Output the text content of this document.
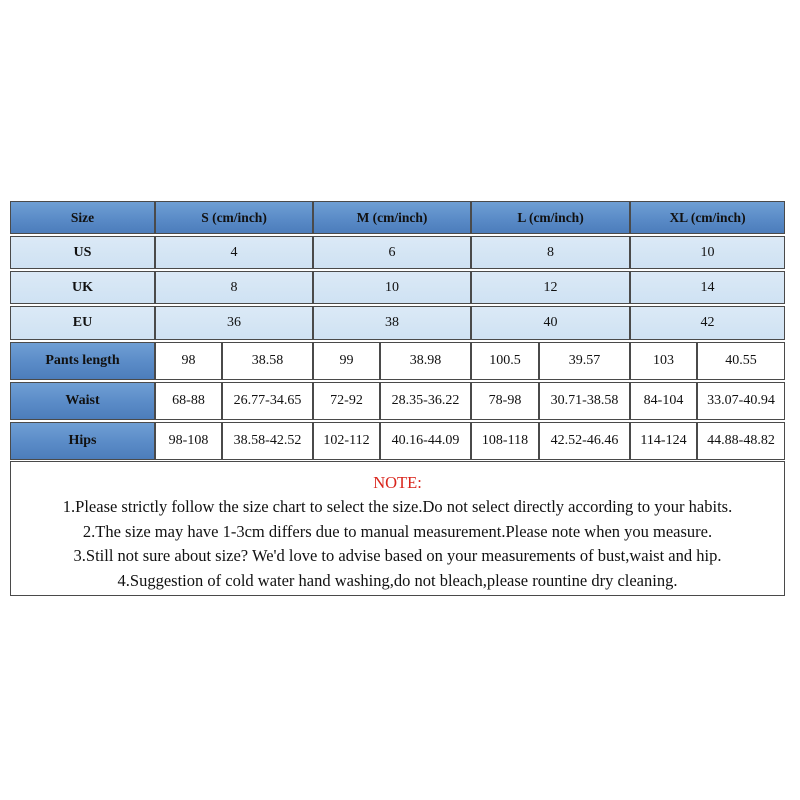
Size	S (cm/inch)	M (cm/inch)	L (cm/inch)	XL (cm/inch)
US	4	6	8	10
UK	8	10	12	14
EU	36	38	40	42
Pants length	98	38.58	99	38.98	100.5	39.57	103	40.55
Waist	68-88	26.77-34.65	72-92	28.35-36.22	78-98	30.71-38.58	84-104	33.07-40.94
Hips	98-108	38.58-42.52	102-112	40.16-44.09	108-118	42.52-46.46	114-124	44.88-48.82
NOTE:
1.Please strictly follow the size chart to select the size.Do not select directly according to your habits.
2.The size may have 1-3cm differs due to manual measurement.Please note when you measure.
3.Still not sure about size? We'd love to advise based on your measurements of bust,waist and hip.
4.Suggestion of cold water hand washing,do not bleach,please rountine dry cleaning.
